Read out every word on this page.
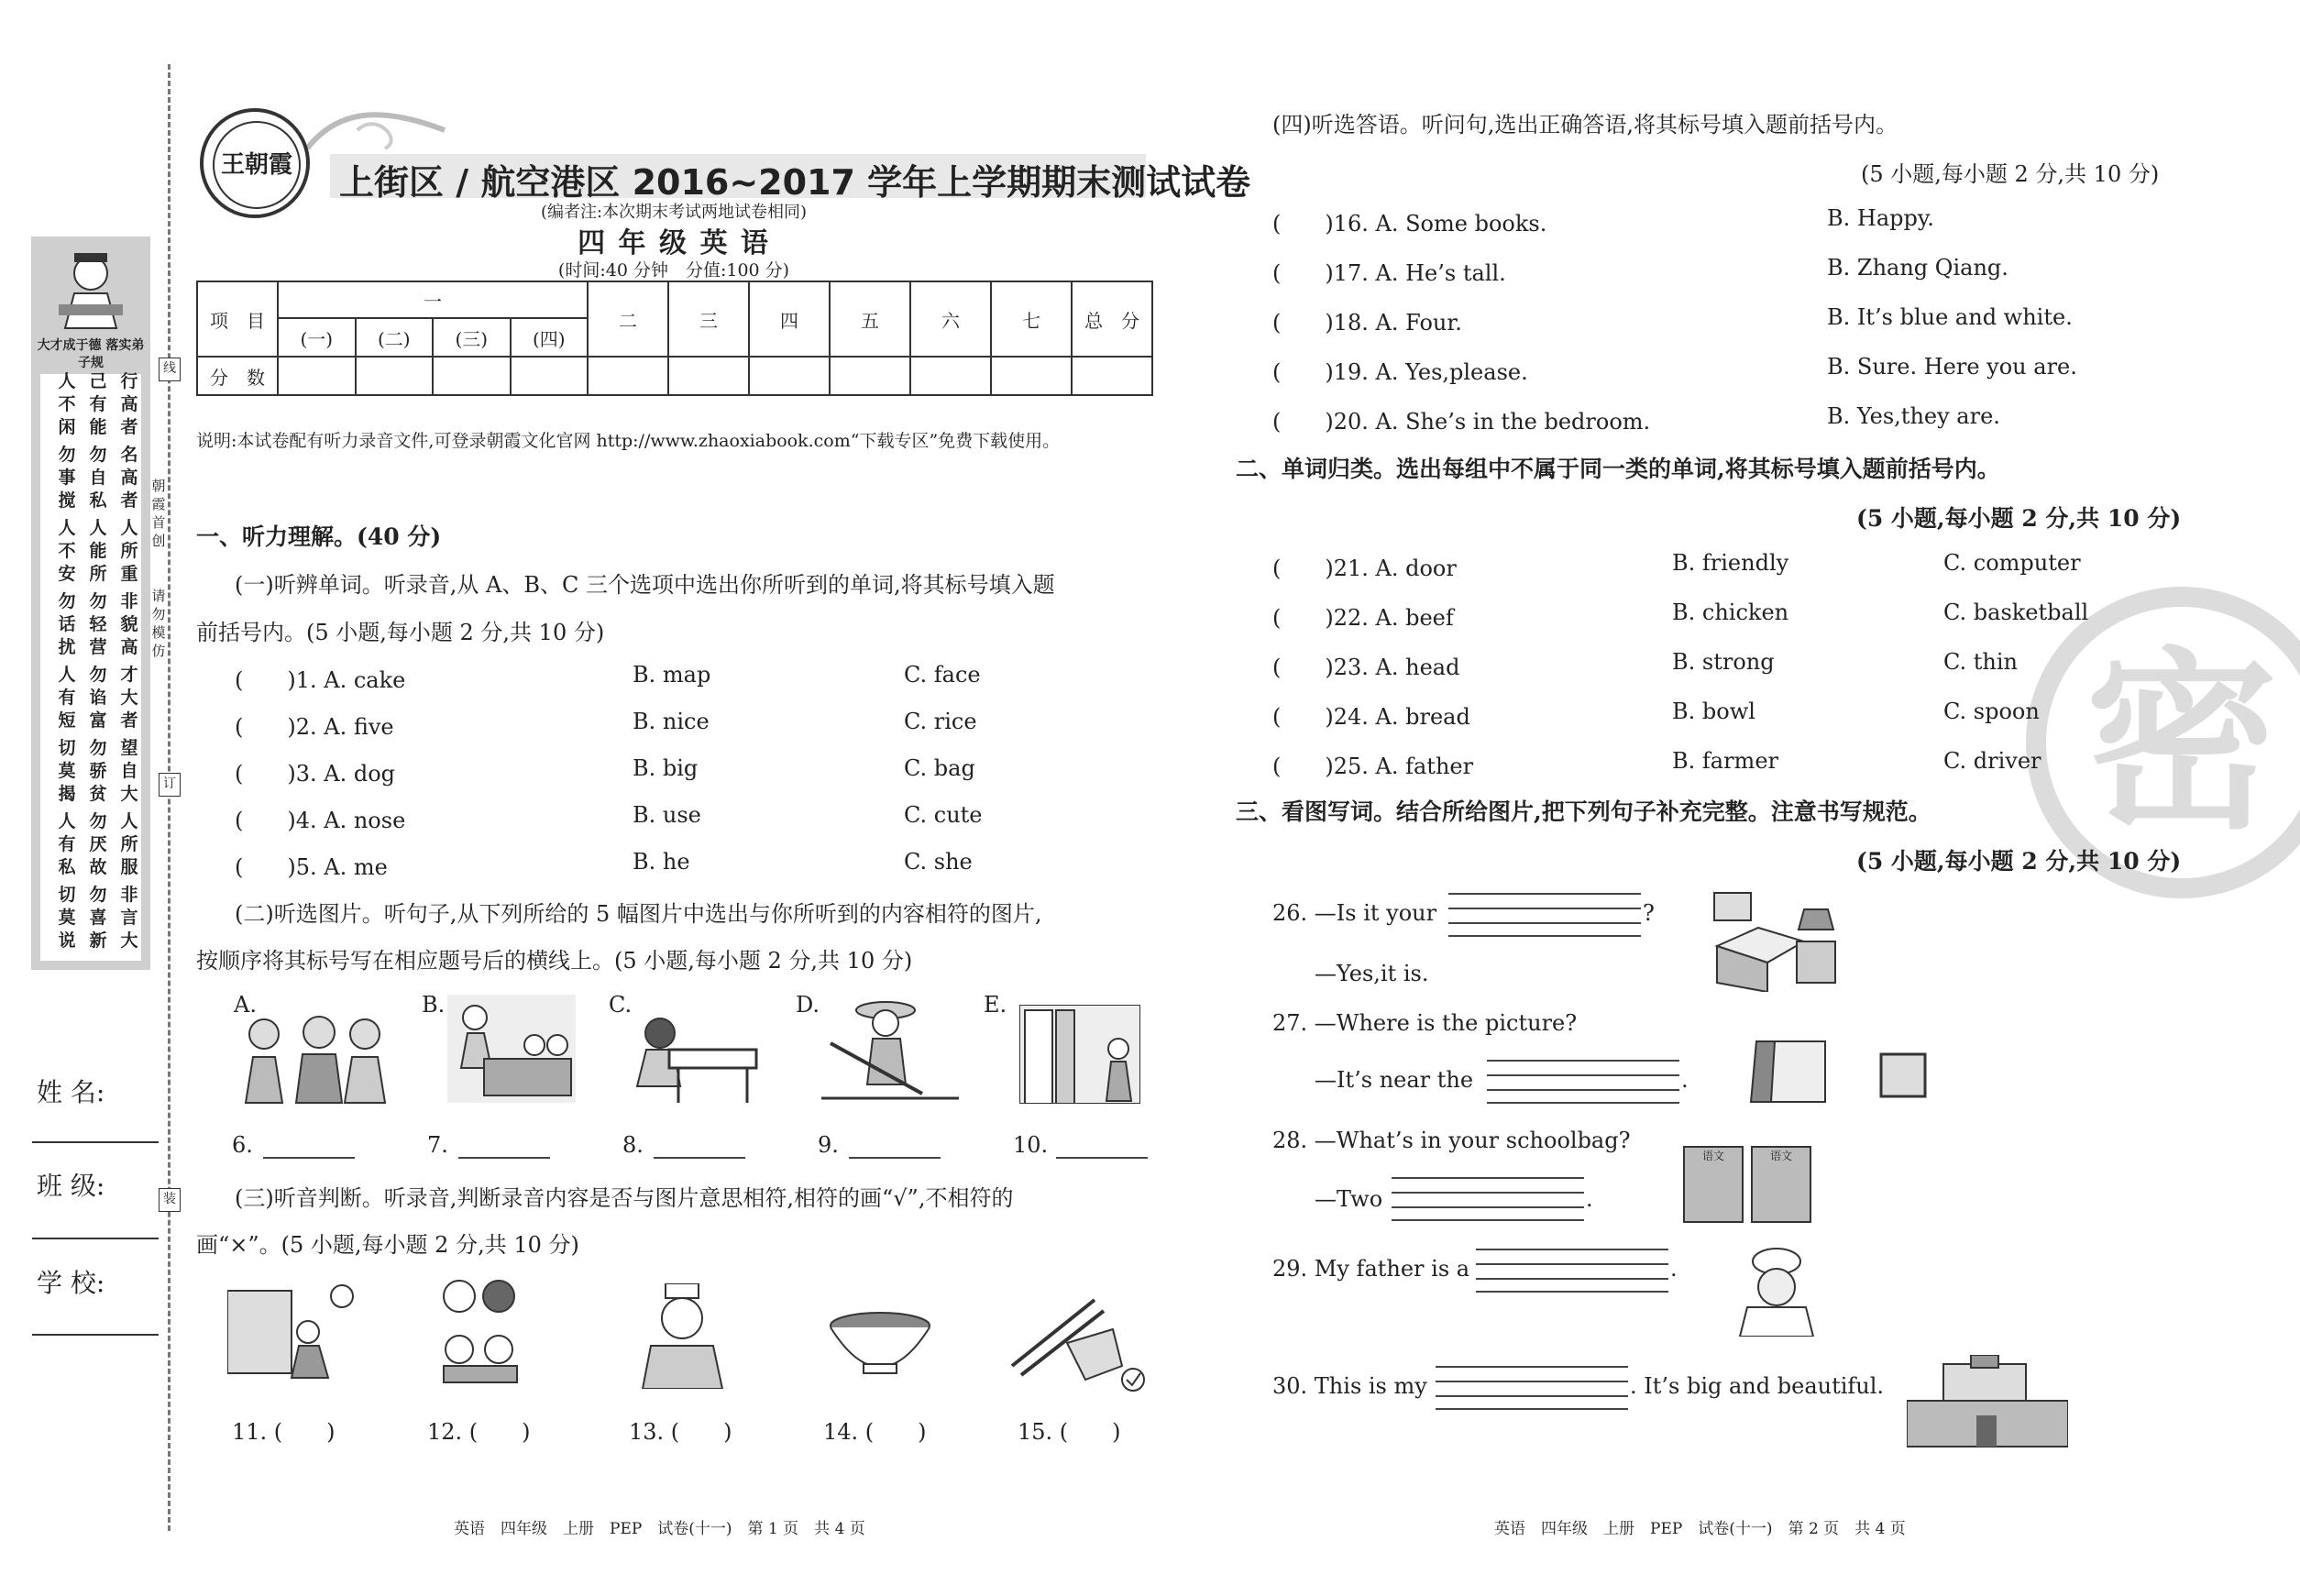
线
订
装
朝
霞
首
创
请
勿
模
仿
大才成于德 落实弟子规
人
不
闲
己
有
能
行
高
者
勿
事
搅
勿
自
私
名
高
者
人
不
安
人
能
所
人
所
重
勿
话
扰
勿
轻
营
非
貌
高
人
有
短
勿
谄
富
才
大
者
切
莫
揭
勿
骄
贫
望
自
大
人
有
私
勿
厌
故
人
所
服
切
莫
说
勿
喜
新
非
言
大
姓 名:
班 级:
学 校:
王朝霞 上街区 / 航空港区 2016~2017 学年上学期期末测试试卷
(编者注:本次期末考试两地试卷相同)
四 年 级 英 语
(时间:40 分钟　分值:100 分)
项　目	一				二	三	四	五	六	七	总　分
	(一)	(二)	(三)	(四)							
分　数											
说明:本试卷配有听力录音文件,可登录朝霞文化官网 http://www.zhaoxiabook.com“下载专区”免费下载使用。
一、听力理解。(40 分)
(一)听辨单词。听录音,从 A、B、C 三个选项中选出你所听到的单词,将其标号填入题
前括号内。(5 小题,每小题 2 分,共 10 分)
(　　)1. A. cake	B. map	C. face
(　　)2. A. five	B. nice	C. rice
(　　)3. A. dog	B. big	C. bag
(　　)4. A. nose	B. use	C. cute
(　　)5. A. me	B. he	C. she
(二)听选图片。听句子,从下列所给的 5 幅图片中选出与你所听到的内容相符的图片,
按顺序将其标号写在相应题号后的横线上。(5 小题,每小题 2 分,共 10 分)
A.	B.	C.	D.	E.
6.	7.	8.	9.	10.
(三)听音判断。听录音,判断录音内容是否与图片意思相符,相符的画“√”,不相符的
画“×”。(5 小题,每小题 2 分,共 10 分)
11. (　　)	12. (　　)	13. (　　)	14. (　　)	15. (　　)
英语　四年级　上册　PEP　试卷(十一)　第 1 页　共 4 页
密
(四)听选答语。听问句,选出正确答语,将其标号填入题前括号内。
(5 小题,每小题 2 分,共 10 分)
(　　)16. A. Some books.	B. Happy.
(　　)17. A. He’s tall.	B. Zhang Qiang.
(　　)18. A. Four.	B. It’s blue and white.
(　　)19. A. Yes,please.	B. Sure. Here you are.
(　　)20. A. She’s in the bedroom.	B. Yes,they are.
二、单词归类。选出每组中不属于同一类的单词,将其标号填入题前括号内。
(5 小题,每小题 2 分,共 10 分)
(　　)21. A. door	B. friendly	C. computer
(　　)22. A. beef	B. chicken	C. basketball
(　　)23. A. head	B. strong	C. thin
(　　)24. A. bread	B. bowl	C. spoon
(　　)25. A. father	B. farmer	C. driver
三、看图写词。结合所给图片,把下列句子补充完整。注意书写规范。
(5 小题,每小题 2 分,共 10 分)
26. —Is it your	?
—Yes,it is.
27. —Where is the picture?
—It’s near the	.
28. —What’s in your schoolbag?
—Two	.
语文	语文
29. My father is a	.
30. This is my	. It’s big and beautiful.
英语　四年级　上册　PEP　试卷(十一)　第 2 页　共 4 页
